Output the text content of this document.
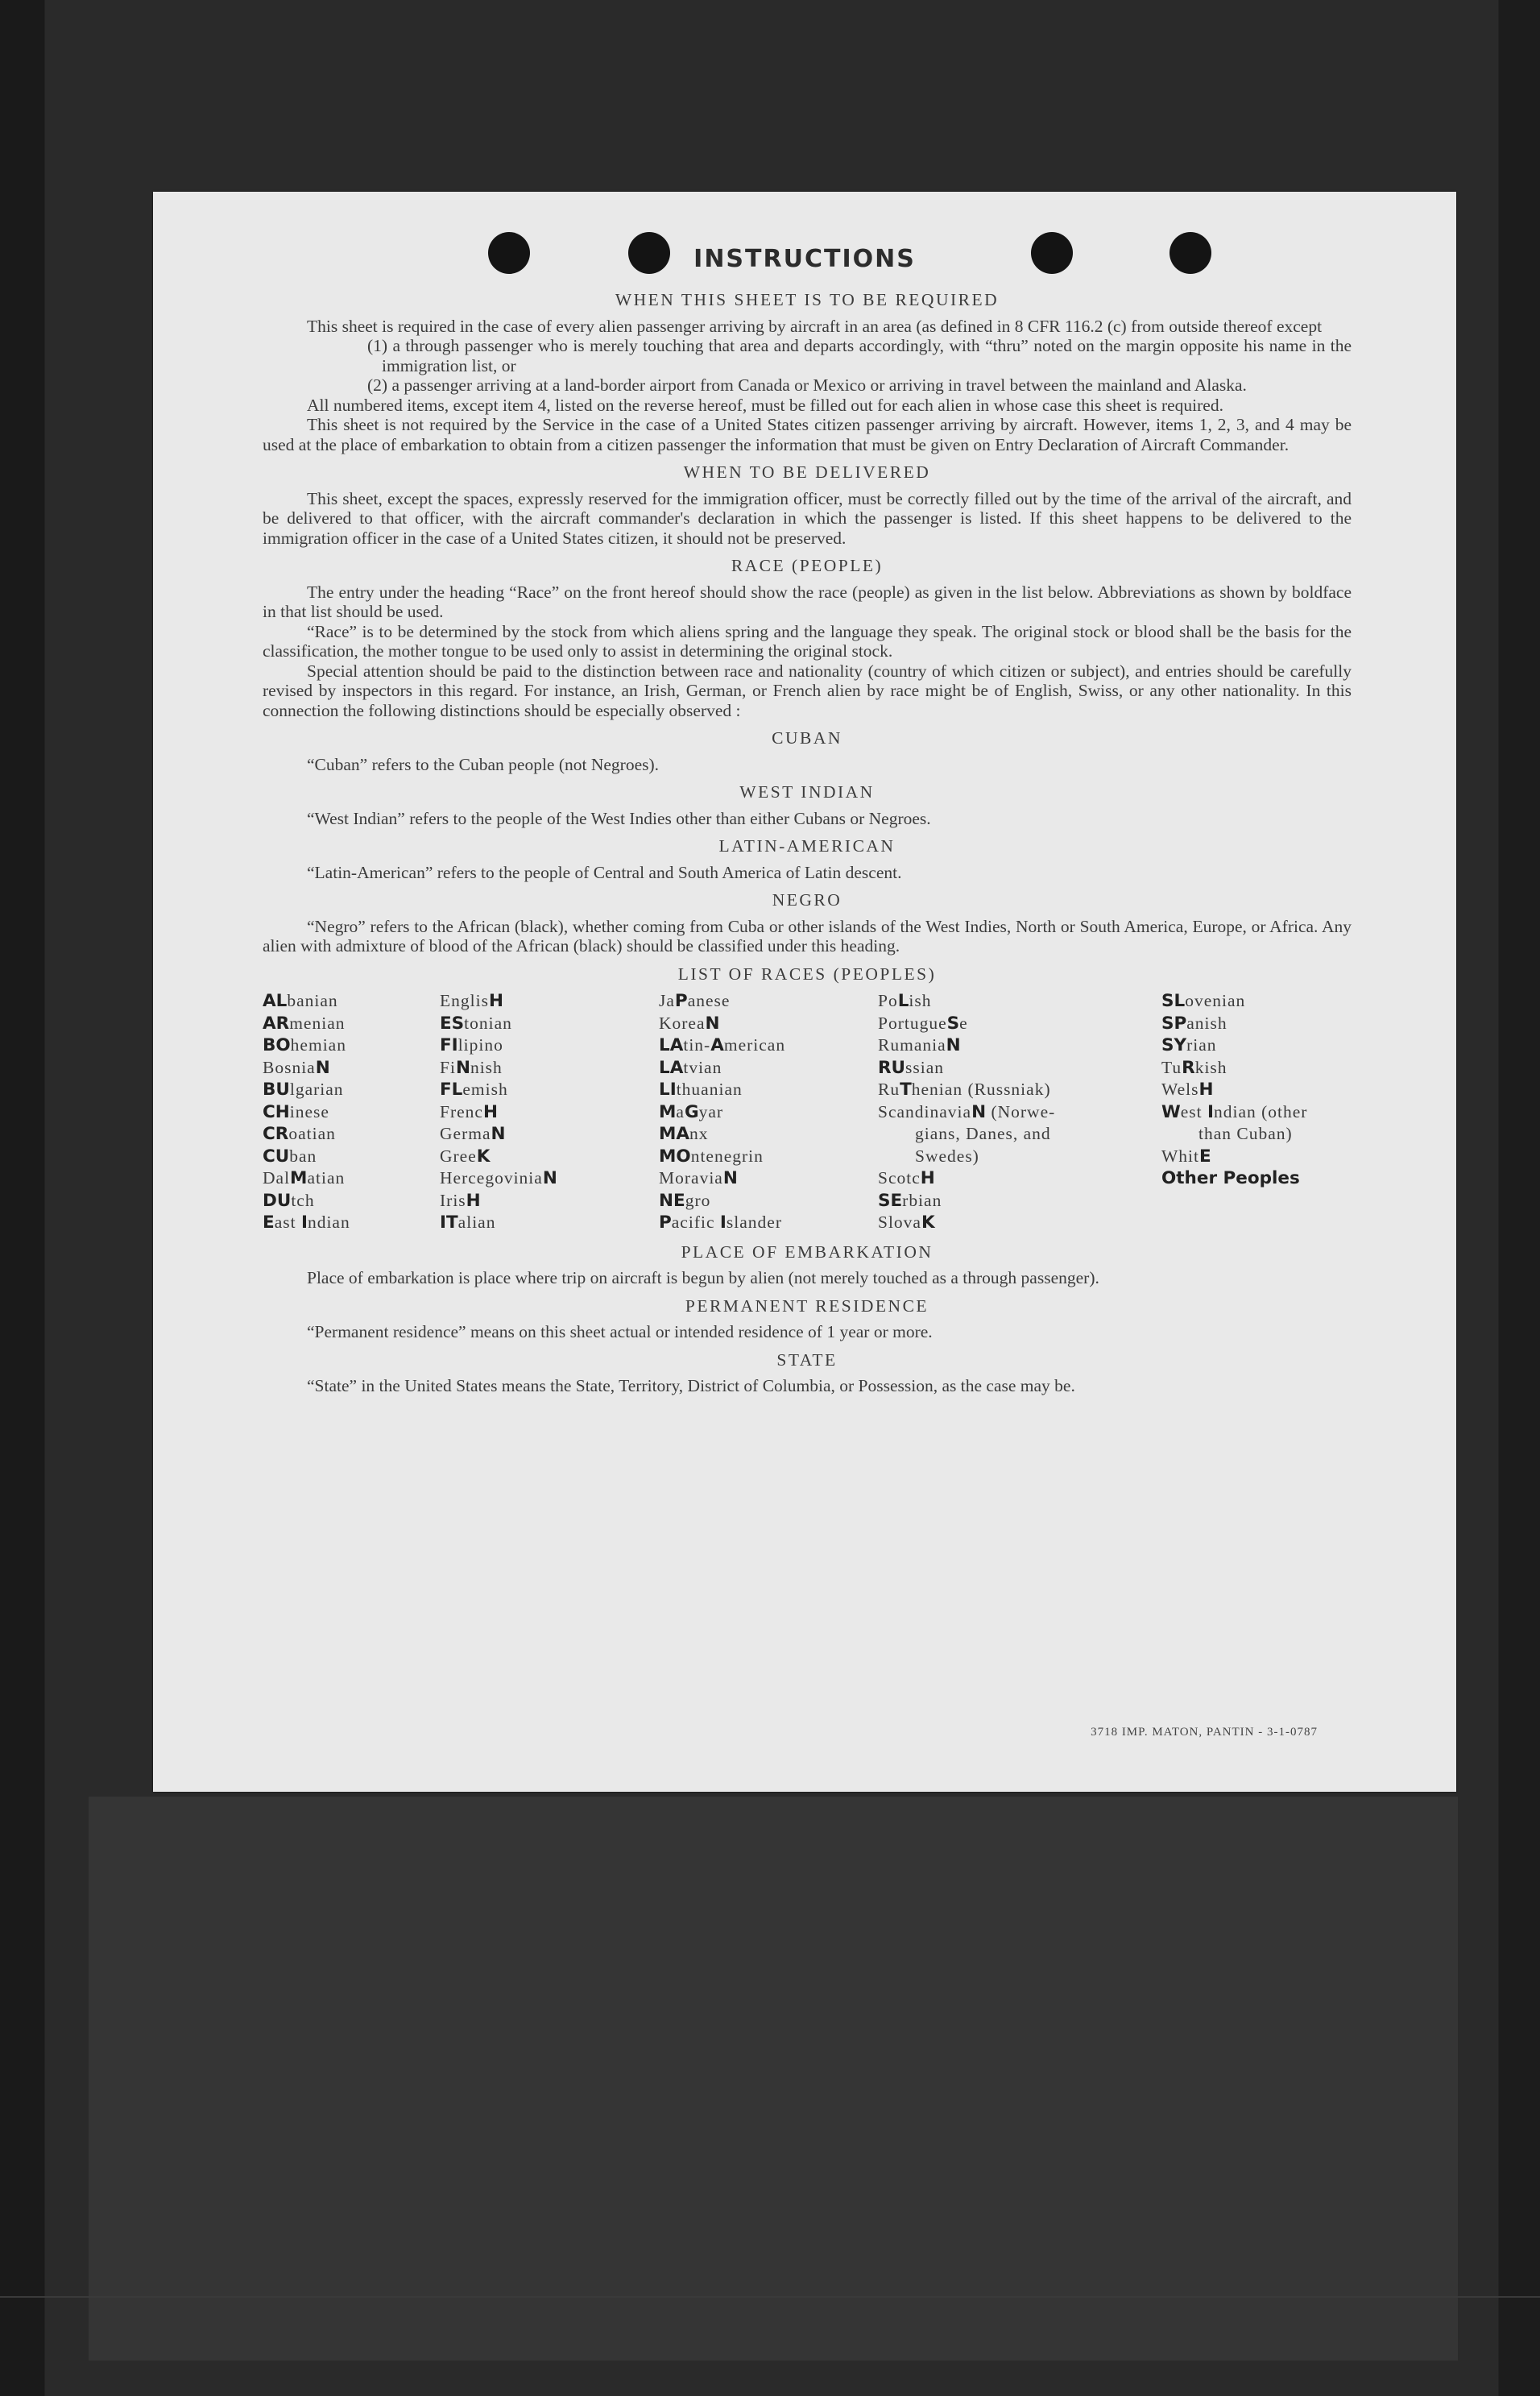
INSTRUCTIONS
WHEN THIS SHEET IS TO BE REQUIRED

This sheet is required in the case of every alien passenger arriving by aircraft in an area (as defined in 8 CFR 116.2 (c) from outside thereof except

(1) a through passenger who is merely touching that area and departs accordingly, with “thru” noted on the margin opposite his name in the immigration list, or

(2) a passenger arriving at a land-border airport from Canada or Mexico or arriving in travel between the mainland and Alaska.

All numbered items, except item 4, listed on the reverse hereof, must be filled out for each alien in whose case this sheet is required.

This sheet is not required by the Service in the case of a United States citizen passenger arriving by aircraft. However, items 1, 2, 3, and 4 may be used at the place of embarkation to obtain from a citizen passenger the information that must be given on Entry Declaration of Aircraft Commander.

WHEN TO BE DELIVERED

This sheet, except the spaces, expressly reserved for the immigration officer, must be correctly filled out by the time of the arrival of the aircraft, and be delivered to that officer, with the aircraft commander's declaration in which the passenger is listed. If this sheet happens to be delivered to the immigration officer in the case of a United States citizen, it should not be preserved.

RACE (PEOPLE)

The entry under the heading “Race” on the front hereof should show the race (people) as given in the list below. Abbreviations as shown by boldface in that list should be used.

“Race” is to be determined by the stock from which aliens spring and the language they speak. The original stock or blood shall be the basis for the classification, the mother tongue to be used only to assist in determining the original stock.

Special attention should be paid to the distinction between race and nationality (country of which citizen or subject), and entries should be carefully revised by inspectors in this regard. For instance, an Irish, German, or French alien by race might be of English, Swiss, or any other nationality. In this connection the following distinctions should be especially observed :

CUBAN

“Cuban” refers to the Cuban people (not Negroes).

WEST INDIAN

“West Indian” refers to the people of the West Indies other than either Cubans or Negroes.

LATIN-AMERICAN

“Latin-American” refers to the people of Central and South America of Latin descent.

NEGRO

“Negro” refers to the African (black), whether coming from Cuba or other islands of the West Indies, North or South America, Europe, or Africa. Any alien with admixture of blood of the African (black) should be classified under this heading.

LIST OF RACES (PEOPLES)
ALbanian
ARmenian
BOhemian
BosniaN
BUlgarian
CHinese
CRoatian
CUban
DalMatian
DUtch
East Indian
EnglisH
EStonian
FIlipino
FiNnish
FLemish
FrencH
GermaN
GreeK
HercegoviniaN
IrisH
ITalian
JaPanese
KoreaN
LAtin-American
LAtvian
LIthuanian
MaGyar
MAnx
MOntenegrin
MoraviaN
NEgro
Pacific Islander
PoLish
PortugueSe
RumaniaN
RUssian
RuThenian (Russniak)
ScandinaviaN (Norwe-
gians, Danes, and
Swedes)
ScotcH
SErbian
SlovaK
SLovenian
SPanish
SYrian
TuRkish
WelsH
West Indian (other
than Cuban)
WhitE
Other Peoples
PLACE OF EMBARKATION

Place of embarkation is place where trip on aircraft is begun by alien (not merely touched as a through passenger).

PERMANENT RESIDENCE

“Permanent residence” means on this sheet actual or intended residence of 1 year or more.

STATE

“State” in the United States means the State, Territory, District of Columbia, or Possession, as the case may be.

3718 IMP. MATON, PANTIN - 3-1-0787
